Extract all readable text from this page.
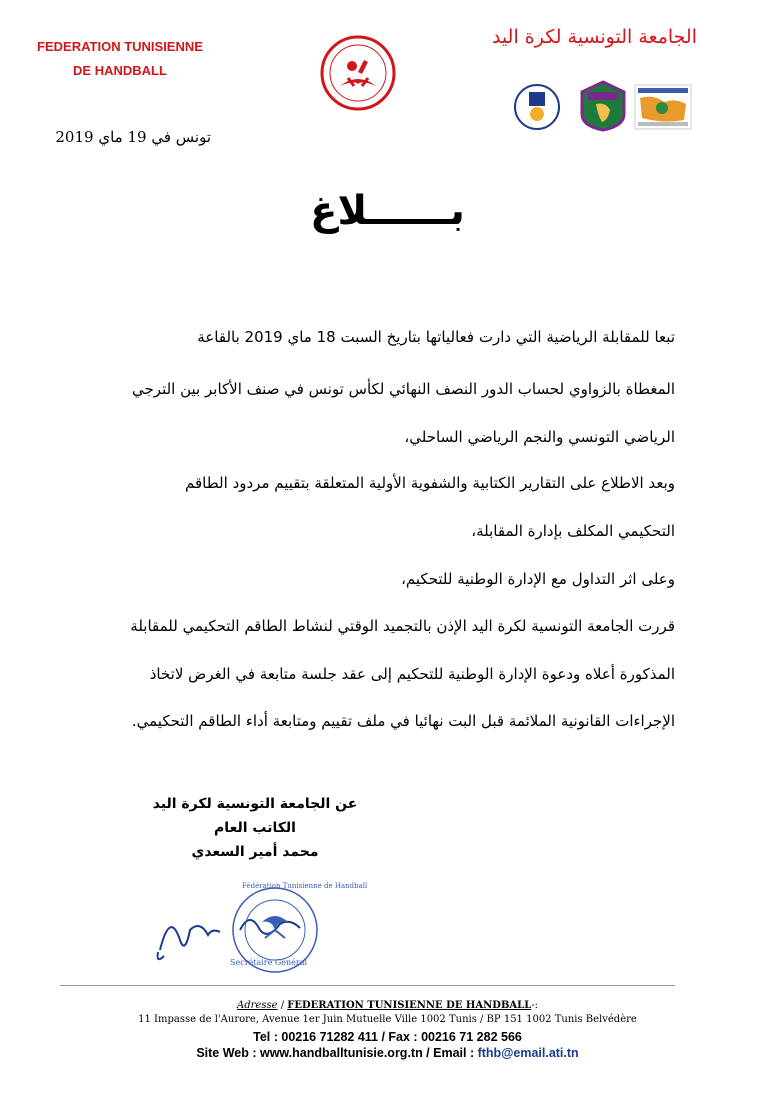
FEDERATION TUNISIENNE
DE HANDBALL
الجامعة التونسية لكرة اليد
تونس في 19 ماي 2019
بــــــلاغ
تبعا للمقابلة الرياضية التي دارت فعالياتها بتاريخ السبت 18 ماي 2019 بالقاعة
المغطاة بالزواوي لحساب الدور النصف النهائي لكأس تونس في صنف الأكابر بين الترجي
الرياضي التونسي والنجم الرياضي الساحلي،
وبعد الاطلاع على التقارير الكتابية والشفوية الأولية المتعلقة بتقييم مردود الطاقم
التحكيمي المكلف بإدارة المقابلة،
وعلى اثر التداول مع الإدارة الوطنية للتحكيم،
قررت الجامعة التونسية لكرة اليد الإذن بالتجميد الوقتي لنشاط الطاقم التحكيمي للمقابلة
المذكورة أعلاه ودعوة الإدارة الوطنية للتحكيم إلى عقد جلسة متابعة في الغرض لاتخاذ
الإجراءات القانونية الملائمة قبل البت نهائيا في ملف تقييم ومتابعة أداء الطاقم التحكيمي.
عن الجامعة التونسية لكرة اليد
الكاتب العام
محمد أمير السعدي
Secrétaire Général
Fédération Tunisienne de Handball
Adresse / FEDERATION TUNISIENNE DE HANDBALL-:
11 Impasse de l'Aurore, Avenue 1er Juin Mutuelle Ville 1002 Tunis / BP 151 1002 Tunis Belvédère
Tel : 00216 71282 411 / Fax : 00216 71 282 566
Site Web : www.handballtunisie.org.tn / Email : fthb@email.ati.tn
